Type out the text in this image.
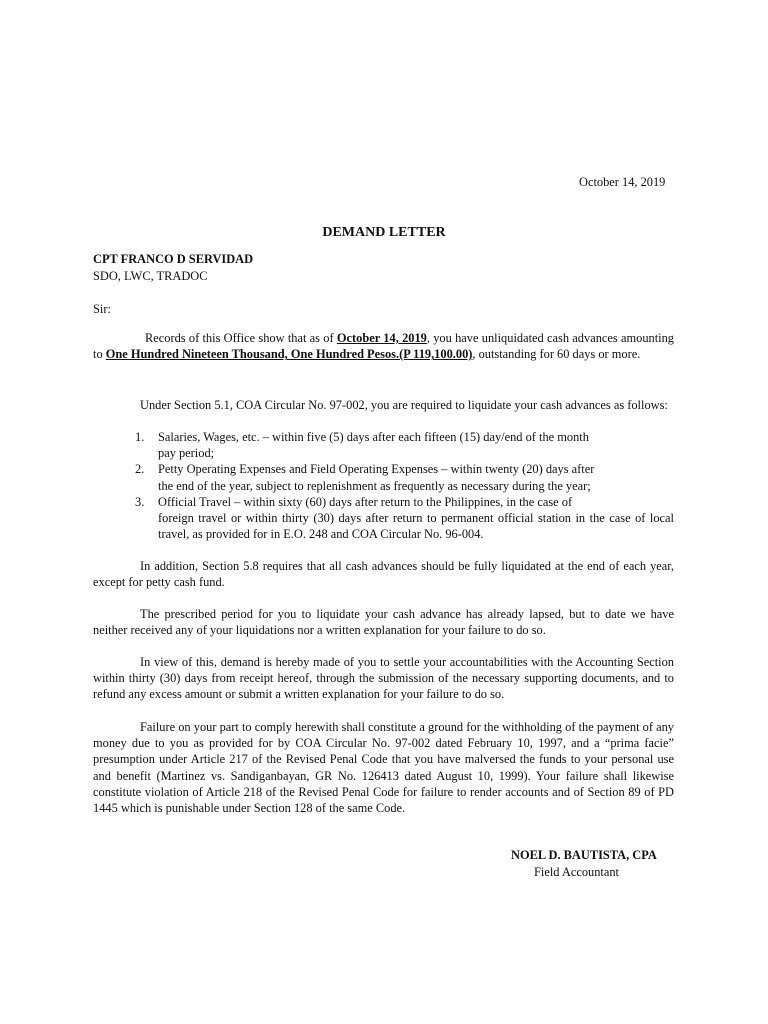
October 14, 2019
DEMAND LETTER
CPT FRANCO D SERVIDAD
SDO, LWC, TRADOC
Sir:
Records of this Office show that as of October 14, 2019, you have unliquidated cash advances amounting to One Hundred Nineteen Thousand, One Hundred Pesos.(P 119,100.00), outstanding for 60 days or more.
Under Section 5.1, COA Circular No. 97-002, you are required to liquidate your cash advances as follows:
1. Salaries, Wages, etc. – within five (5) days after each fifteen (15) day/end of the month
pay period;
2. Petty Operating Expenses and Field Operating Expenses – within twenty (20) days after
the end of the year, subject to replenishment as frequently as necessary during the year;
3. Official Travel – within sixty (60) days after return to the Philippines, in the case of
foreign travel or within thirty (30) days after return to permanent official station in the case of local travel, as provided for in E.O. 248 and COA Circular No. 96-004.
In addition, Section 5.8 requires that all cash advances should be fully liquidated at the end of each year, except for petty cash fund.
The prescribed period for you to liquidate your cash advance has already lapsed, but to date we have neither received any of your liquidations nor a written explanation for your failure to do so.
In view of this, demand is hereby made of you to settle your accountabilities with the Accounting Section within thirty (30) days from receipt hereof, through the submission of the necessary supporting documents, and to refund any excess amount or submit a written explanation for your failure to do so.
Failure on your part to comply herewith shall constitute a ground for the withholding of the payment of any money due to you as provided for by COA Circular No. 97-002 dated February 10, 1997, and a “prima facie” presumption under Article 217 of the Revised Penal Code that you have malversed the funds to your personal use and benefit (Martinez vs. Sandiganbayan, GR No. 126413 dated August 10, 1999). Your failure shall likewise constitute violation of Article 218 of the Revised Penal Code for failure to render accounts and of Section 89 of PD 1445 which is punishable under Section 128 of the same Code.
NOEL D. BAUTISTA, CPA
Field Accountant
